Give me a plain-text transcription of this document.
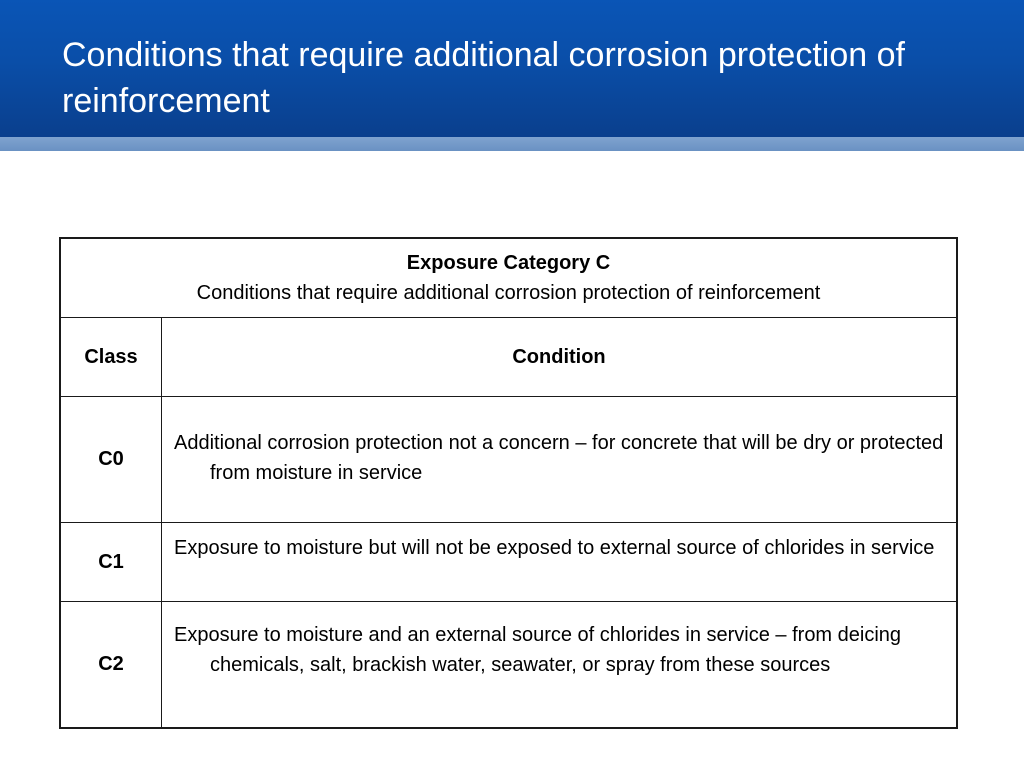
Conditions that require additional corrosion protection of reinforcement
Exposure Category C
Conditions that require additional corrosion protection of reinforcement	

Class	Condition
C0	Additional corrosion protection not a concern – for concrete that will be dry or protected from moisture in service

C1	Exposure to moisture but will not be exposed to external source of chlorides in service

C2	Exposure to moisture and an external source of chlorides in service – from deicing chemicals, salt, brackish water, seawater, or spray from these sources
